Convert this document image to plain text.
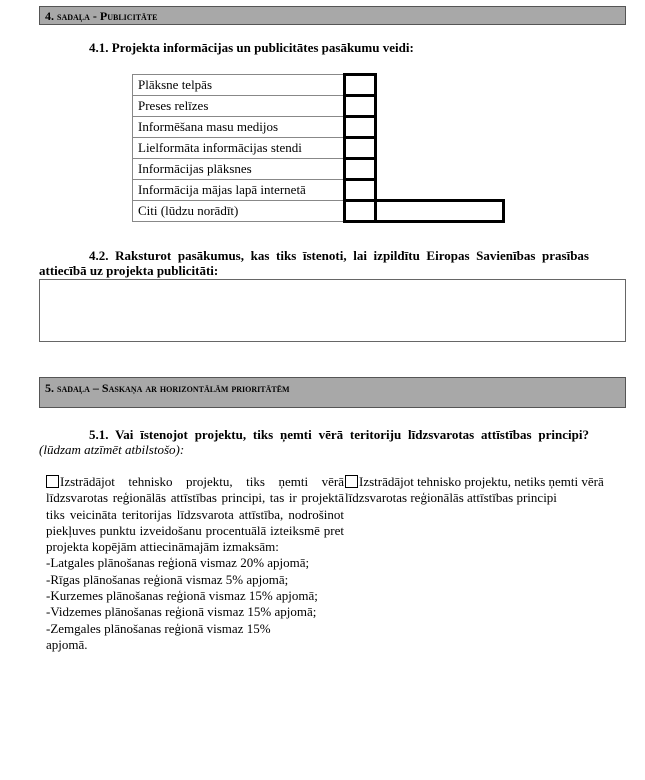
4. sadaļa - Publicitāte
4.1. Projekta informācijas un publicitātes pasākumu veidi:
Plāksne telpās		
Preses relīzes		
Informēšana masu medijos		
Lielformāta informācijas stendi		
Informācijas plāksnes		
Informācija mājas lapā internetā		
Citi (lūdzu norādīt)		
4.2. Raksturot pasākumus, kas tiks īstenoti, lai izpildītu Eiropas Savienības prasības attiecībā uz projekta publicitāti:
5. sadaļa – Saskaņa ar horizontālām prioritātēm
5.1. Vai īstenojot projektu, tiks ņemti vērā teritoriju līdzsvarotas attīstības principi? (lūdzam atzīmēt atbilstošo):
Izstrādājot tehnisko projektu, tiks ņemti vērā līdzsvarotas reģionālās attīstības principi, tas ir projektā tiks veicināta teritorijas līdzsvarota attīstība, nodrošinot piekļuves punktu izveidošanu procentuālā izteiksmē pret projekta kopējām attiecināmajām izmaksām:
-Latgales plānošanas reģionā vismaz 20% apjomā;
-Rīgas plānošanas reģionā vismaz 5% apjomā;
-Kurzemes plānošanas reģionā vismaz 15% apjomā;
-Vidzemes plānošanas reģionā vismaz 15% apjomā;
-Zemgales plānošanas reģionā vismaz 15% apjomā.
Izstrādājot tehnisko projektu, netiks ņemti vērā līdzsvarotas reģionālās attīstības principi
